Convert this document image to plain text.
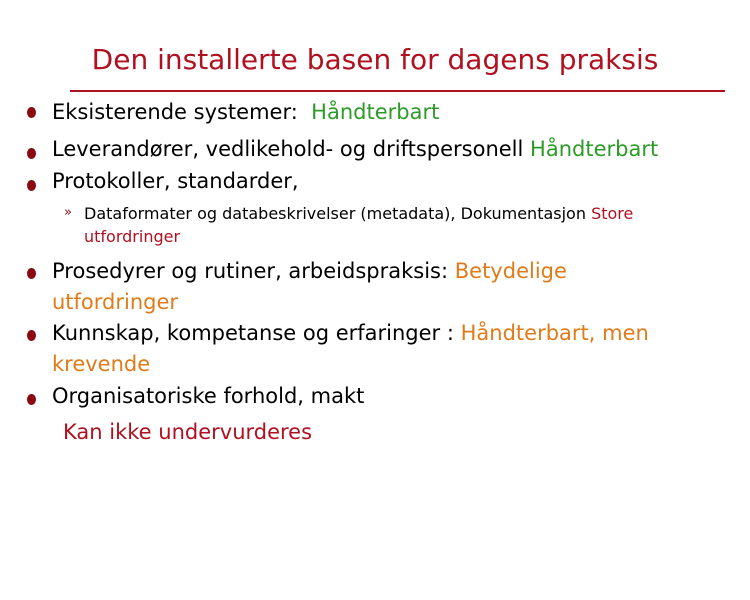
Den installerte basen for dagens praksis
Eksisterende systemer: Håndterbart
Leverandører, vedlikehold- og driftspersonell Håndterbart
Protokoller, standarder,
» Dataformater og databeskrivelser (metadata), Dokumentasjon Store utfordringer
Prosedyrer og rutiner, arbeidspraksis: Betydelige utfordringer
Kunnskap, kompetanse og erfaringer : Håndterbart, men krevende
Organisatoriske forhold, makt
Kan ikke undervurderes
